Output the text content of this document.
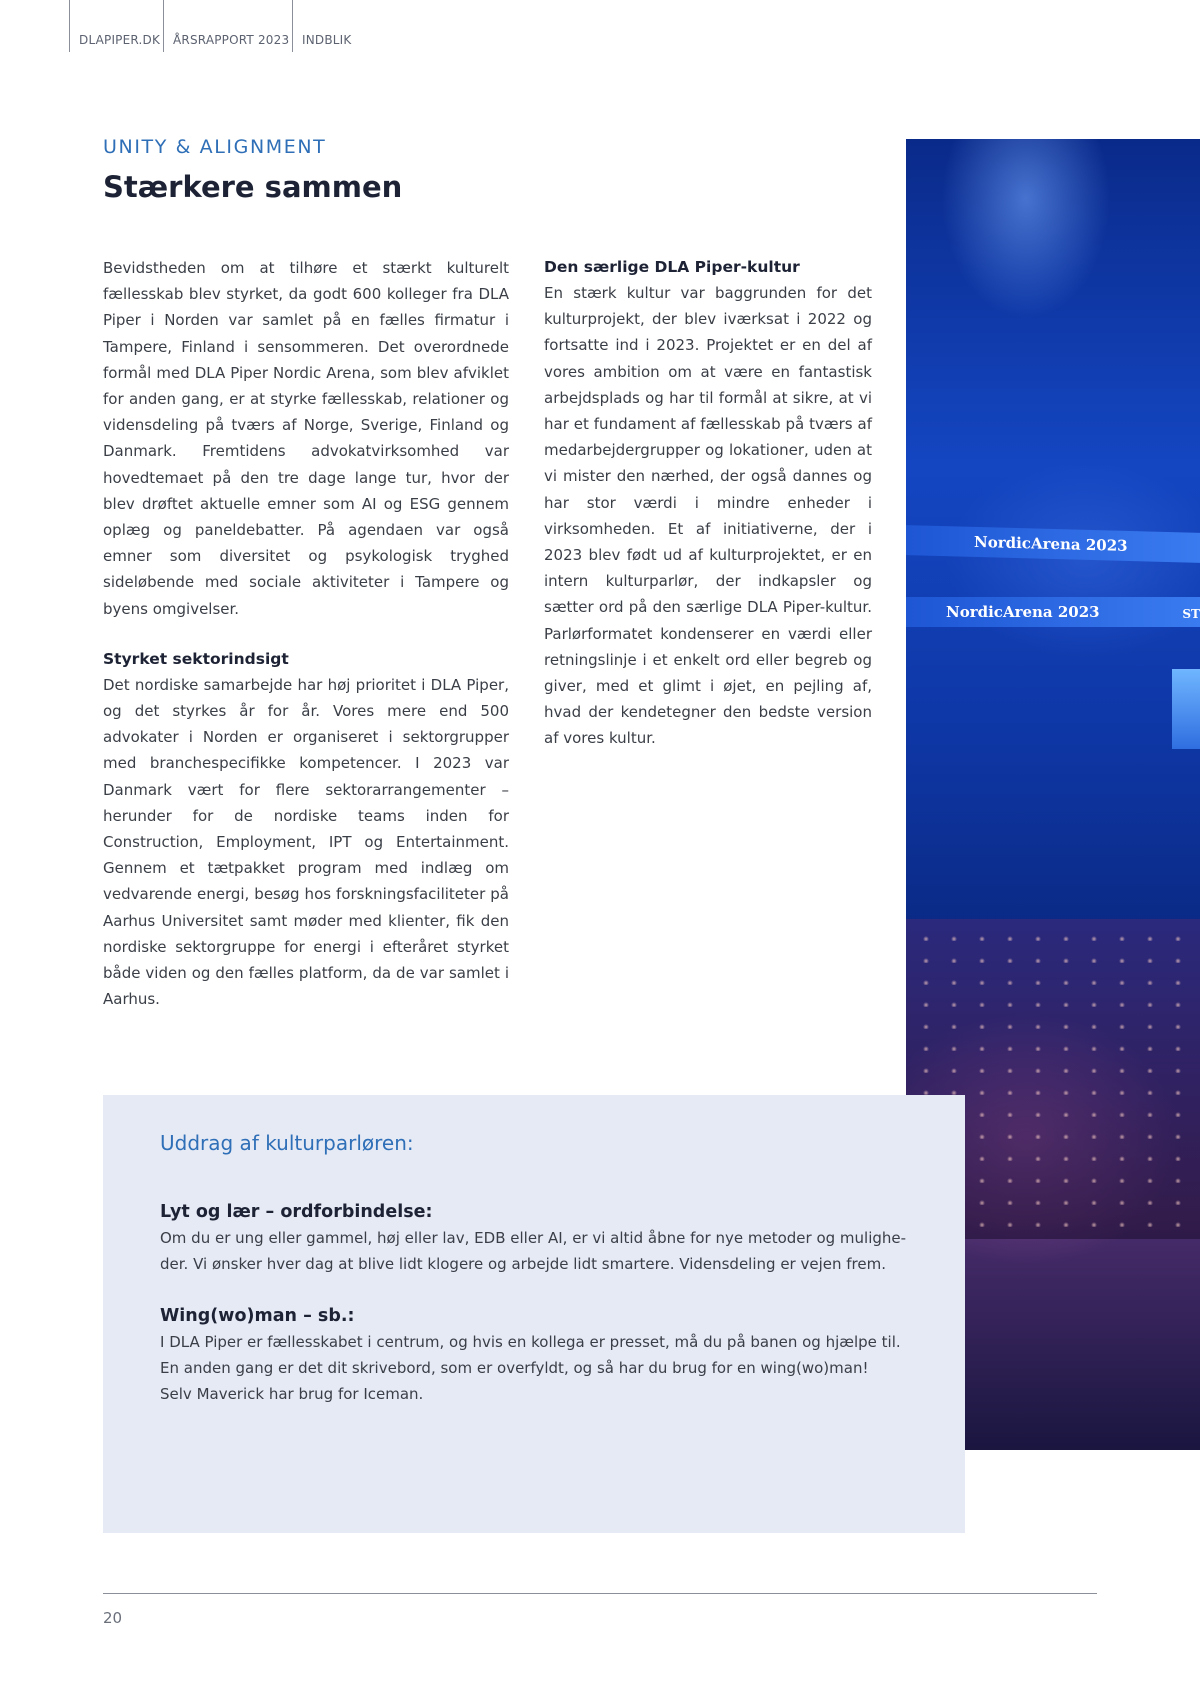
DLAPIPER.DK ÅRSRAPPORT 2023 INDBLIK
UNITY & ALIGNMENT
Stærkere sammen

Bevidstheden om at tilhøre et stærkt kulturelt fællesskab blev styrket, da godt 600 kolleger fra DLA Piper i Norden var samlet på en fælles firmatur i Tampere, Finland i sensommeren. Det overordnede formål med DLA Piper Nordic Arena, som blev afviklet for anden gang, er at styrke fællesskab, relationer og vidensdeling på tværs af Norge, Sverige, Finland og Danmark. Fremtidens advokatvirksomhed var hovedtemaet på den tre dage lange tur, hvor der blev drøftet aktuelle emner som AI og ESG gennem oplæg og paneldebatter. På agendaen var også emner som diversitet og psykologisk tryghed sideløbende med sociale aktiviteter i Tampere og byens omgivelser.

Styrket sektorindsigt

Det nordiske samarbejde har høj prioritet i DLA Piper, og det styrkes år for år. Vores mere end 500 advokater i Norden er organiseret i sektorgrupper med branchespecifikke kompetencer. I 2023 var Danmark vært for flere sektorarrangementer – herunder for de nordiske teams inden for Construction, Employment, IPT og Entertainment. Gennem et tætpakket program med indlæg om vedvarende energi, besøg hos forskningsfaciliteter på Aarhus Universitet samt møder med klienter, fik den nordiske sektorgruppe for energi i efteråret styrket både viden og den fælles platform, da de var samlet i Aarhus.

Den særlige DLA Piper-kultur

En stærk kultur var baggrunden for det kulturprojekt, der blev iværksat i 2022 og fortsatte ind i 2023. Projektet er en del af vores ambition om at være en fantastisk arbejdsplads og har til formål at sikre, at vi har et fundament af fællesskab på tværs af medarbejdergrupper og lokationer, uden at vi mister den nærhed, der også dannes og har stor værdi i mindre enheder i virksomheden. Et af initiativerne, der i 2023 blev født ud af kulturprojektet, er en intern kulturparlør, der indkapsler og sætter ord på den særlige DLA Piper-kultur. Parlørformatet kondenserer en værdi eller retningslinje i et enkelt ord eller begreb og giver, med et glimt i øjet, en pejling af, hvad der kendetegner den bedste version af vores kultur.

NordicArena 2023
NordicArena 2023	ST
Uddrag af kulturparløren:
Lyt og lær – ordforbindelse:

Om du er ung eller gammel, høj eller lav, EDB eller AI, er vi altid åbne for nye metoder og mulighe-

der. Vi ønsker hver dag at blive lidt klogere og arbejde lidt smartere. Vidensdeling er vejen frem.

Wing(wo)man – sb.:

I DLA Piper er fællesskabet i centrum, og hvis en kollega er presset, må du på banen og hjælpe til.

En anden gang er det dit skrivebord, som er overfyldt, og så har du brug for en wing(wo)man!

Selv Maverick har brug for Iceman.

20
